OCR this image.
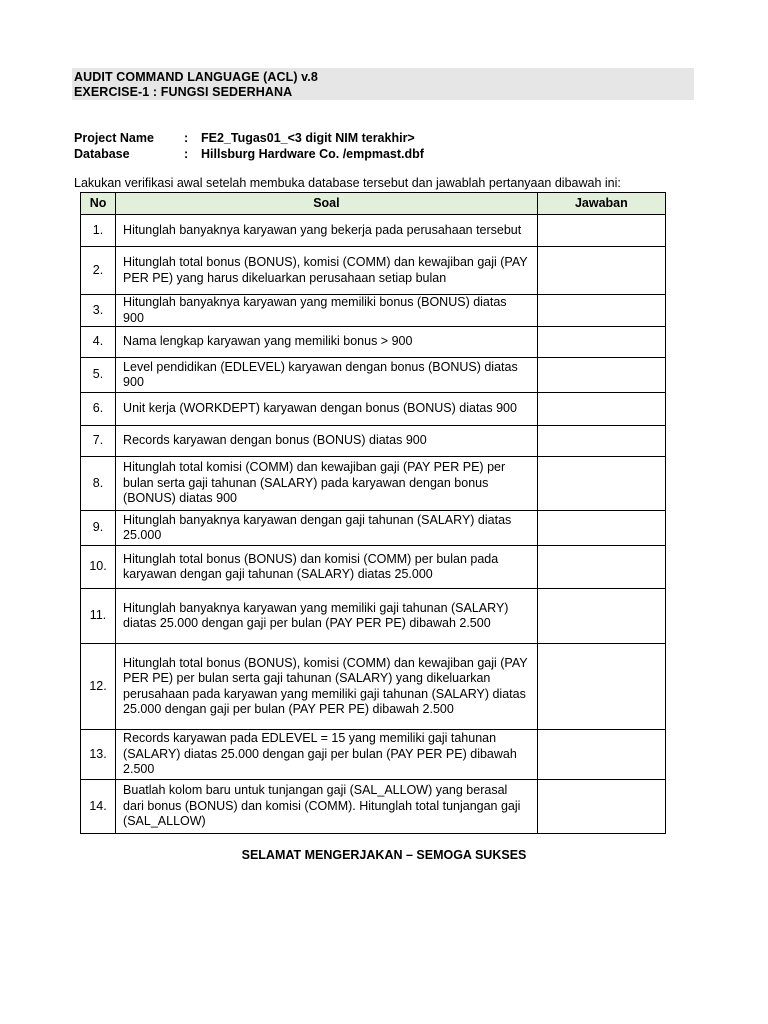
AUDIT COMMAND LANGUAGE (ACL) v.8
EXERCISE-1 : FUNGSI SEDERHANA
Project Name : FE2_Tugas01_<3 digit NIM terakhir>
Database	: Hillsburg Hardware Co. /empmast.dbf
Lakukan verifikasi awal setelah membuka database tersebut dan jawablah pertanyaan dibawah ini:
No	Soal	Jawaban
1.	Hitunglah banyaknya karyawan yang bekerja pada perusahaan tersebut	
2.	Hitunglah total bonus (BONUS), komisi (COMM) dan kewajiban gaji (PAY PER PE) yang harus dikeluarkan perusahaan setiap bulan	
3.	Hitunglah banyaknya karyawan yang memiliki bonus (BONUS) diatas 900	
4.	Nama lengkap karyawan yang memiliki bonus > 900	
5.	Level pendidikan (EDLEVEL) karyawan dengan bonus (BONUS) diatas 900	
6.	Unit kerja (WORKDEPT) karyawan dengan bonus (BONUS) diatas 900	
7.	Records karyawan dengan bonus (BONUS) diatas 900	
8.	Hitunglah total komisi (COMM) dan kewajiban gaji (PAY PER PE) per bulan serta gaji tahunan (SALARY) pada karyawan dengan bonus (BONUS) diatas 900	
9.	Hitunglah banyaknya karyawan dengan gaji tahunan (SALARY) diatas 25.000	
10.	Hitunglah total bonus (BONUS) dan komisi (COMM) per bulan pada karyawan dengan gaji tahunan (SALARY) diatas 25.000	
11.	Hitunglah banyaknya karyawan yang memiliki gaji tahunan (SALARY) diatas 25.000 dengan gaji per bulan (PAY PER PE) dibawah 2.500	
12.	Hitunglah total bonus (BONUS), komisi (COMM) dan kewajiban gaji (PAY PER PE) per bulan serta gaji tahunan (SALARY) yang dikeluarkan perusahaan pada karyawan yang memiliki gaji tahunan (SALARY) diatas 25.000 dengan gaji per bulan (PAY PER PE) dibawah 2.500	
13.	Records karyawan pada EDLEVEL = 15 yang memiliki gaji tahunan (SALARY) diatas 25.000 dengan gaji per bulan (PAY PER PE) dibawah 2.500	
14.	Buatlah kolom baru untuk tunjangan gaji (SAL_ALLOW) yang berasal dari bonus (BONUS) dan komisi (COMM). Hitunglah total tunjangan gaji (SAL_ALLOW)	
SELAMAT MENGERJAKAN – SEMOGA SUKSES
